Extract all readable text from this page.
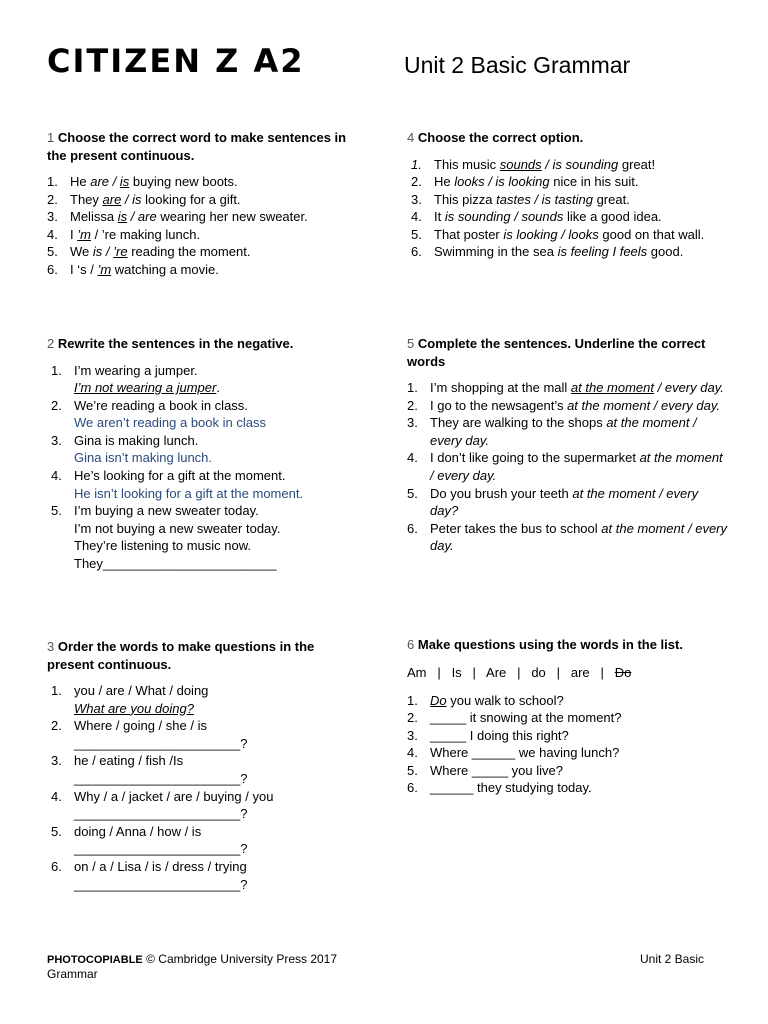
CITIZEN Z A2	Unit 2 Basic Grammar
1 Choose the correct word to make sentences in the present continuous.
1. He are / is buying new boots.
2. They are / is looking for a gift.
3. Melissa is / are wearing her new sweater.
4. I ’m / ’re making lunch.
5. We is / ’re reading the moment.
6. I ‘s / ’m watching a movie.
2 Rewrite the sentences in the negative.
1. I’m wearing a jumper.
I’m not wearing a jumper.
2. We’re reading a book in class.
We aren’t reading a book in class
3. Gina is making lunch.
Gina isn’t making lunch.
4. He’s looking for a gift at the moment.
He isn’t looking for a gift at the moment.
5. I’m buying a new sweater today.
I’m not buying a new sweater today.
They’re listening to music now.
They________________________
3 Order the words to make questions in the present continuous.
1. you / are / What / doing
What are you doing?
2. Where / going / she / is
_______________________?
3. he / eating / fish /Is
_______________________?
4. Why / a / jacket / are / buying / you
_______________________?
5. doing / Anna / how / is
_______________________?
6. on / a / Lisa / is / dress / trying
_______________________?
4 Choose the correct option.
1. This music sounds / is sounding great!
2. He looks / is looking nice in his suit.
3. This pizza tastes / is tasting great.
4. It is sounding / sounds like a good idea.
5. That poster is looking / looks good on that wall.
6. Swimming in the sea is feeling I feels good.
5 Complete the sentences. Underline the correct words
1. I’m shopping at the mall at the moment / every day.
2. I go to the newsagent’s at the moment / every day.
3. They are walking to the shops at the moment / every day.
4. I don’t like going to the supermarket at the moment / every day.
5. Do you brush your teeth at the moment / every day?
6. Peter takes the bus to school at the moment / every day.
6 Make questions using the words in the list.
Am   |   Is   |   Are   |   do   |   are   |   Do
1. Do you walk to school?
2. _____ it snowing at the moment?
3. _____ I doing this right?
4. Where ______ we having lunch?
5. Where _____ you live?
6. ______ they studying today.
PHOTOCOPIABLE © Cambridge University Press 2017
Grammar
Unit 2 Basic
